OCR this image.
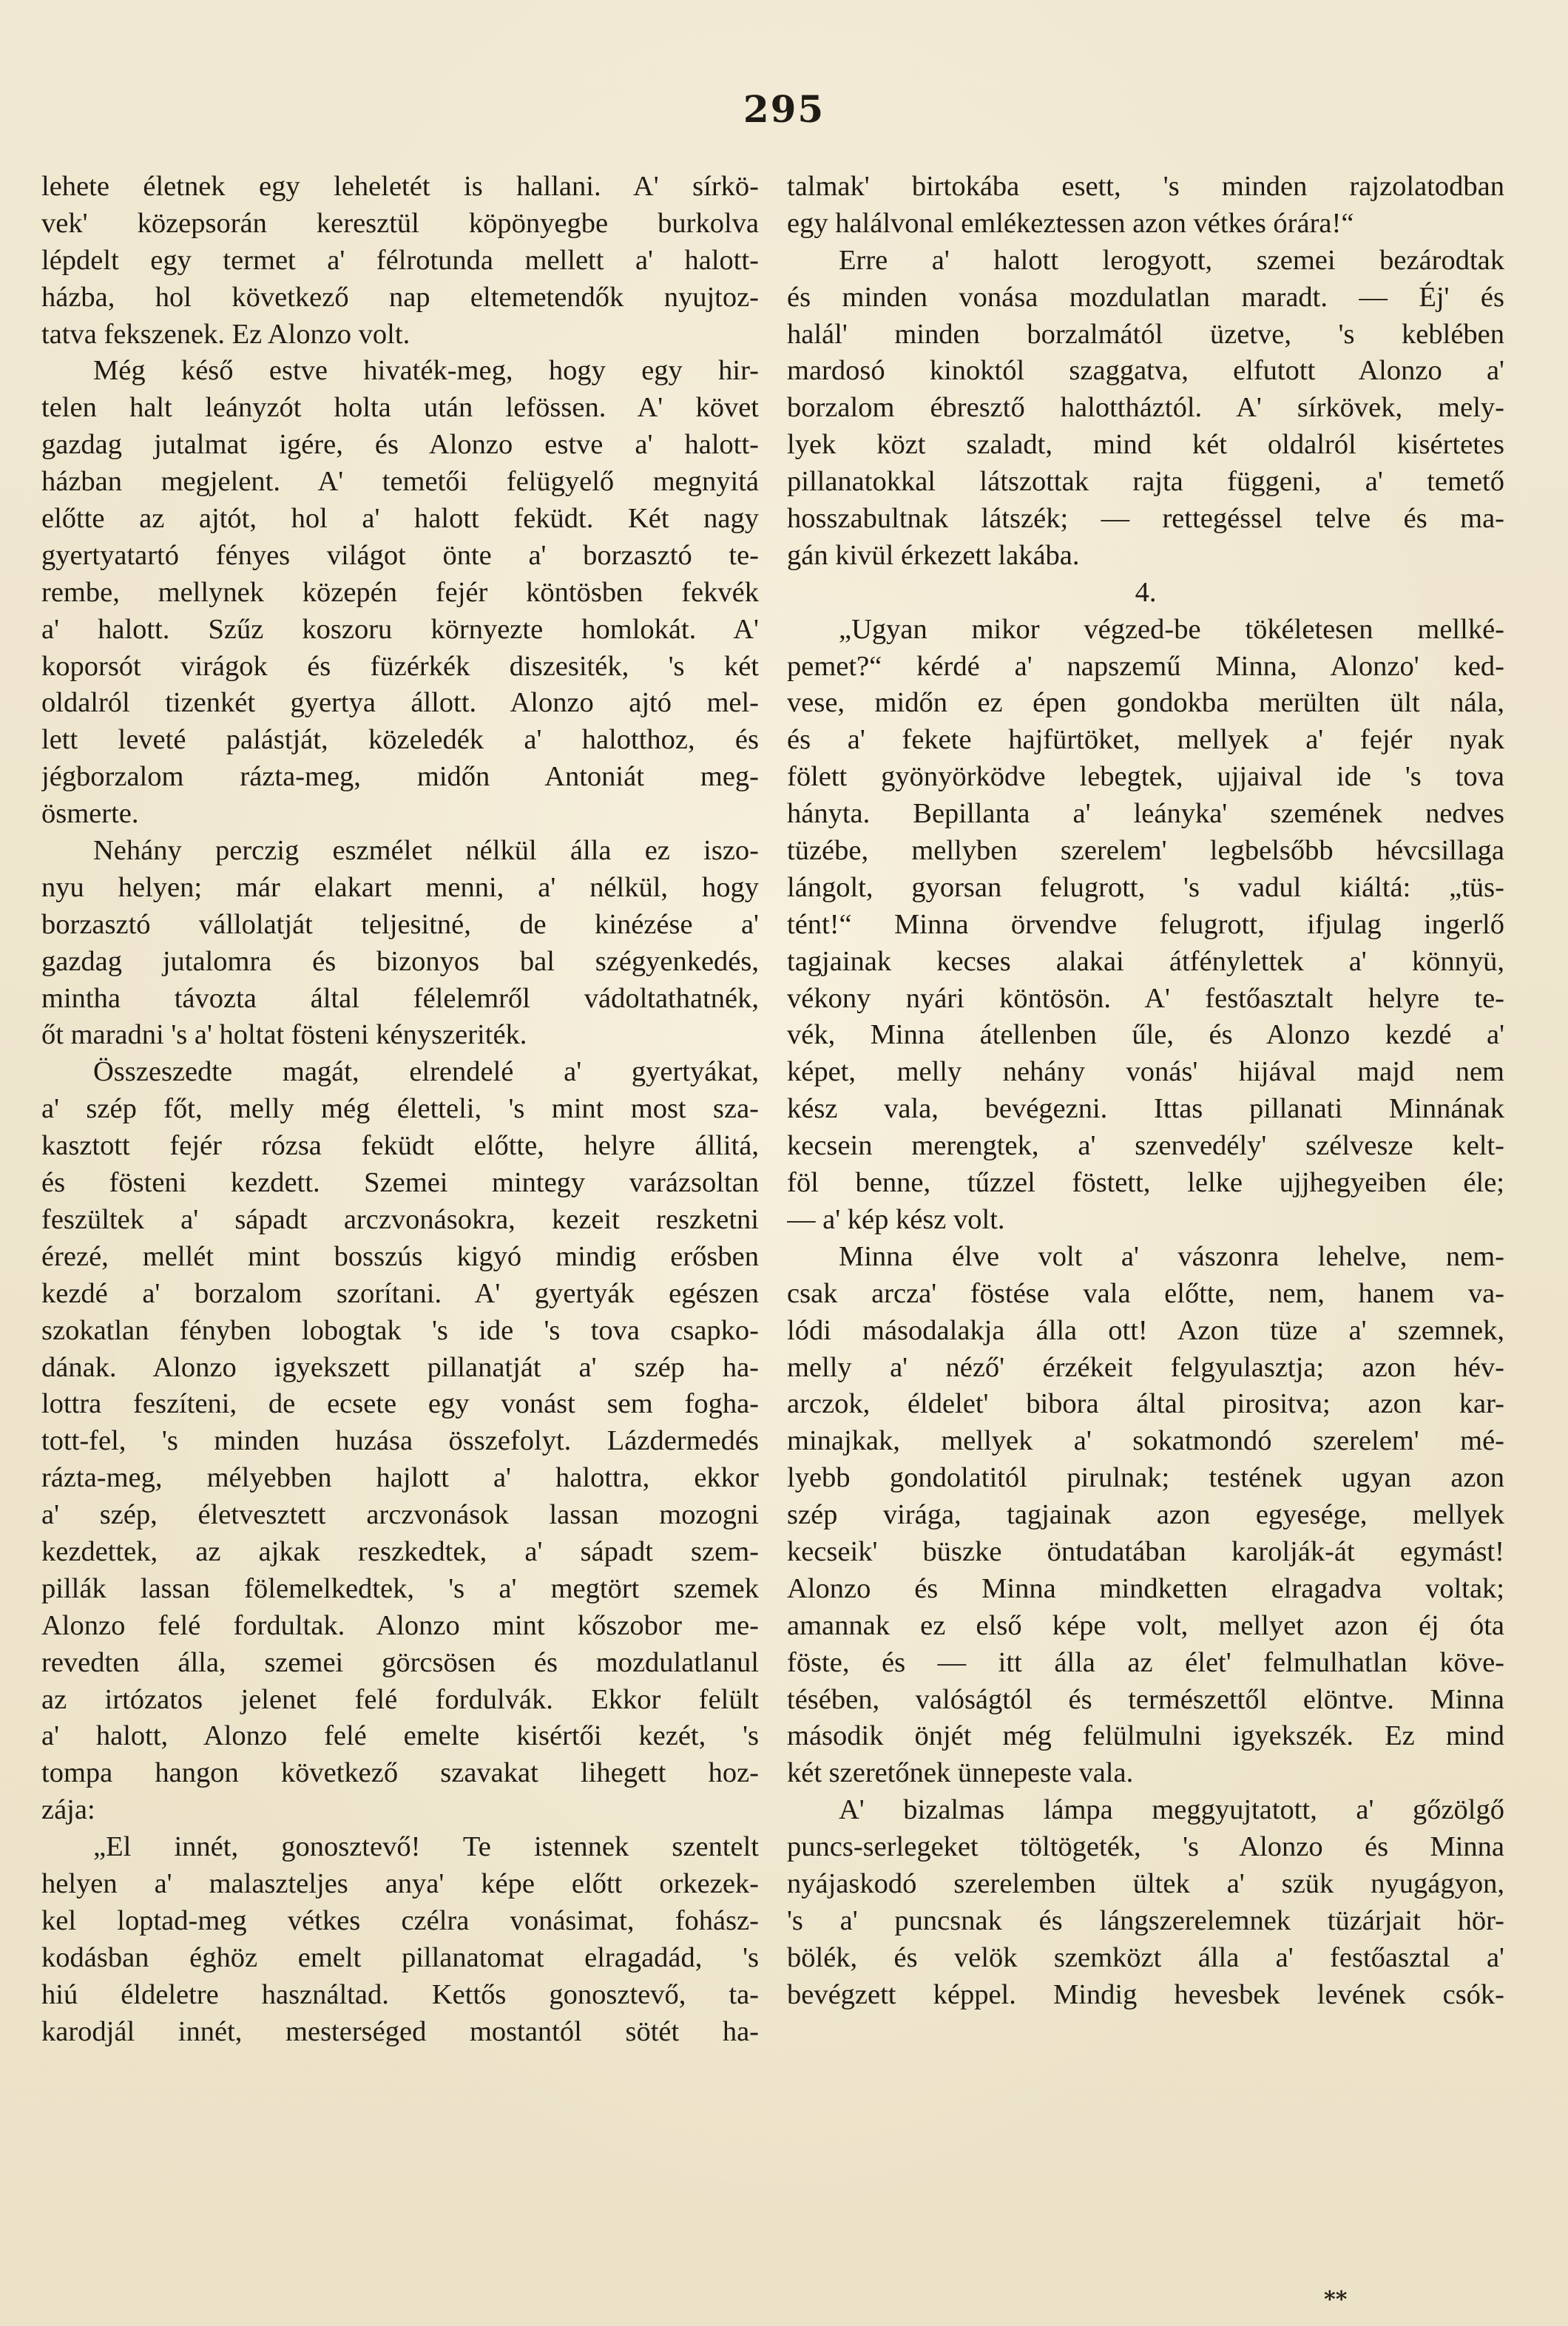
295
lehete életnek egy leheletét is hallani. A' sírkö-
vek' közepsorán keresztül köpönyegbe burkolva
lépdelt egy termet a' félrotunda mellett a' halott-
házba, hol következő nap eltemetendők nyujtoz-
tatva fekszenek. Ez Alonzo volt.
Még késő estve hivaték-meg, hogy egy hir-
telen halt leányzót holta után lefössen. A' követ
gazdag jutalmat igére, és Alonzo estve a' halott-
házban megjelent. A' temetői felügyelő megnyitá
előtte az ajtót, hol a' halott feküdt. Két nagy
gyertyatartó fényes világot önte a' borzasztó te-
rembe, mellynek közepén fejér köntösben fekvék
a' halott. Szűz koszoru környezte homlokát. A'
koporsót virágok és füzérkék diszesiték, 's két
oldalról tizenkét gyertya állott. Alonzo ajtó mel-
lett leveté palástját, közeledék a' halotthoz, és
jégborzalom rázta-meg, midőn Antoniát meg-
ösmerte.
Nehány perczig eszmélet nélkül álla ez iszo-
nyu helyen; már elakart menni, a' nélkül, hogy
borzasztó vállolatját teljesitné, de kinézése a'
gazdag jutalomra és bizonyos bal szégyenkedés,
mintha távozta által félelemről vádoltathatnék,
őt maradni 's a' holtat fösteni kényszeriték.
Összeszedte magát, elrendelé a' gyertyákat,
a' szép főt, melly még életteli, 's mint most sza-
kasztott fejér rózsa feküdt előtte, helyre állitá,
és fösteni kezdett. Szemei mintegy varázsoltan
feszültek a' sápadt arczvonásokra, kezeit reszketni
érezé, mellét mint bosszús kigyó mindig erősben
kezdé a' borzalom szorítani. A' gyertyák egészen
szokatlan fényben lobogtak 's ide 's tova csapko-
dának. Alonzo igyekszett pillanatját a' szép ha-
lottra feszíteni, de ecsete egy vonást sem fogha-
tott-fel, 's minden huzása összefolyt. Lázdermedés
rázta-meg, mélyebben hajlott a' halottra, ekkor
a' szép, életvesztett arczvonások lassan mozogni
kezdettek, az ajkak reszkedtek, a' sápadt szem-
pillák lassan fölemelkedtek, 's a' megtört szemek
Alonzo felé fordultak. Alonzo mint kőszobor me-
revedten álla, szemei görcsösen és mozdulatlanul
az irtózatos jelenet felé fordulvák. Ekkor felült
a' halott, Alonzo felé emelte kisértői kezét, 's
tompa hangon következő szavakat lihegett hoz-
zája:
„El innét, gonosztevő! Te istennek szentelt
helyen a' malaszteljes anya' képe előtt orkezek-
kel loptad-meg vétkes czélra vonásimat, fohász-
kodásban éghöz emelt pillanatomat elragadád, 's
hiú éldeletre használtad. Kettős gonosztevő, ta-
karodjál innét, mesterséged mostantól sötét ha-
talmak' birtokába esett, 's minden rajzolatodban
egy halálvonal emlékeztessen azon vétkes órára!“
Erre a' halott lerogyott, szemei bezárodtak
és minden vonása mozdulatlan maradt. — Éj' és
halál' minden borzalmától üzetve, 's keblében
mardosó kinoktól szaggatva, elfutott Alonzo a'
borzalom ébresztő halottháztól. A' sírkövek, mely-
lyek közt szaladt, mind két oldalról kisértetes
pillanatokkal látszottak rajta függeni, a' temető
hosszabultnak látszék; — rettegéssel telve és ma-
gán kivül érkezett lakába.
4.
„Ugyan mikor végzed-be tökéletesen mellké-
pemet?“ kérdé a' napszemű Minna, Alonzo' ked-
vese, midőn ez épen gondokba merülten ült nála,
és a' fekete hajfürtöket, mellyek a' fejér nyak
fölett gyönyörködve lebegtek, ujjaival ide 's tova
hányta. Bepillanta a' leányka' szemének nedves
tüzébe, mellyben szerelem' legbelsőbb hévcsillaga
lángolt, gyorsan felugrott, 's vadul kiáltá: „tüs-
tént!“ Minna örvendve felugrott, ifjulag ingerlő
tagjainak kecses alakai átfénylettek a' könnyü,
vékony nyári köntösön. A' festőasztalt helyre te-
vék, Minna átellenben űle, és Alonzo kezdé a'
képet, melly nehány vonás' hijával majd nem
kész vala, bevégezni. Ittas pillanati Minnának
kecsein merengtek, a' szenvedély' szélvesze kelt-
föl benne, tűzzel föstett, lelke ujjhegyeiben éle;
— a' kép kész volt.
Minna élve volt a' vászonra lehelve, nem-
csak arcza' föstése vala előtte, nem, hanem va-
lódi másodalakja álla ott! Azon tüze a' szemnek,
melly a' néző' érzékeit felgyulasztja; azon hév-
arczok, éldelet' bibora által pirositva; azon kar-
minajkak, mellyek a' sokatmondó szerelem' mé-
lyebb gondolatitól pirulnak; testének ugyan azon
szép virága, tagjainak azon egyesége, mellyek
kecseik' büszke öntudatában karolják-át egymást!
Alonzo és Minna mindketten elragadva voltak;
amannak ez első képe volt, mellyet azon éj óta
föste, és — itt álla az élet' felmulhatlan köve-
tésében, valóságtól és természettől elöntve. Minna
második önjét még felülmulni igyekszék. Ez mind
két szeretőnek ünnepeste vala.
A' bizalmas lámpa meggyujtatott, a' gőzölgő
puncs-serlegeket töltögeték, 's Alonzo és Minna
nyájaskodó szerelemben ültek a' szük nyugágyon,
's a' puncsnak és lángszerelemnek tüzárjait hör-
bölék, és velök szemközt álla a' festőasztal a'
bevégzett képpel. Mindig hevesbek levének csók-
**
